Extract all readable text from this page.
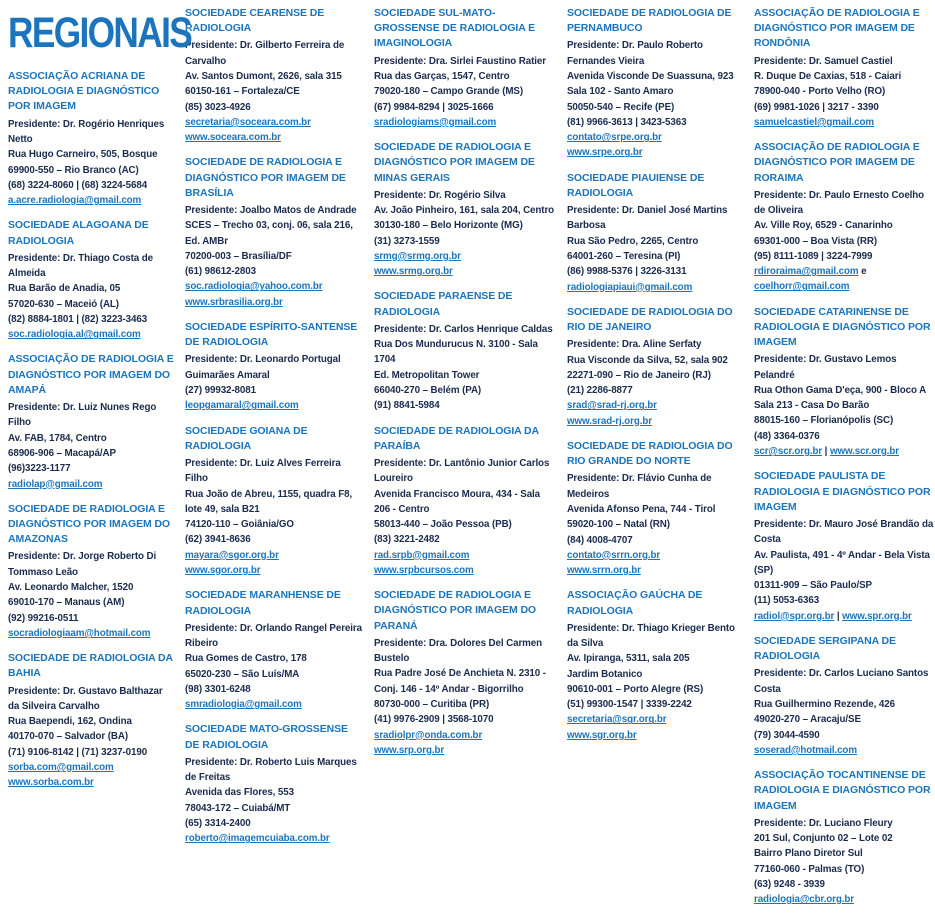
REGIONAIS
ASSOCIAÇÃO ACRIANA DE RADIOLOGIA E DIAGNÓSTICO POR IMAGEM
Presidente: Dr. Rogério Henriques Netto
Rua Hugo Carneiro, 505, Bosque
69900-550 – Rio Branco (AC)
(68) 3224-8060 | (68) 3224-5684
a.acre.radiologia@gmail.com
SOCIEDADE ALAGOANA DE RADIOLOGIA
Presidente: Dr. Thiago Costa de Almeida
Rua Barão de Anadia, 05
57020-630 – Maceió (AL)
(82) 8884-1801 | (82) 3223-3463
soc.radiologia.al@gmail.com
ASSOCIAÇÃO DE RADIOLOGIA E DIAGNÓSTICO POR IMAGEM DO AMAPÁ
Presidente: Dr. Luiz Nunes Rego Filho
Av. FAB, 1784, Centro
68906-906 – Macapá/AP
(96)3223-1177
radiolap@gmail.com
SOCIEDADE DE RADIOLOGIA E DIAGNÓSTICO POR IMAGEM DO AMAZONAS
Presidente: Dr. Jorge Roberto Di Tommaso Leão
Av. Leonardo Malcher, 1520
69010-170 – Manaus (AM)
(92) 99216-0511
socradiologiaam@hotmail.com
SOCIEDADE DE RADIOLOGIA DA BAHIA
Presidente: Dr. Gustavo Balthazar da Silveira Carvalho
Rua Baependi, 162, Ondina
40170-070 – Salvador (BA)
(71) 9106-8142 | (71) 3237-0190
sorba.com@gmail.com
www.sorba.com.br
SOCIEDADE CEARENSE DE RADIOLOGIA
Presidente: Dr. Gilberto Ferreira de Carvalho
Av. Santos Dumont, 2626, sala 315
60150-161 – Fortaleza/CE
(85) 3023-4926
secretaria@soceara.com.br
www.soceara.com.br
SOCIEDADE DE RADIOLOGIA E DIAGNÓSTICO POR IMAGEM DE BRASÍLIA
Presidente: Joalbo Matos de Andrade
SCES – Trecho 03, conj. 06, sala 216, Ed. AMBr
70200-003 – Brasília/DF
(61) 98612-2803
soc.radiologia@yahoo.com.br
www.srbrasilia.org.br
SOCIEDADE ESPÍRITO-SANTENSE DE RADIOLOGIA
Presidente: Dr. Leonardo Portugal Guimarães Amaral
(27) 99932-8081
leopgamaral@gmail.com
SOCIEDADE GOIANA DE RADIOLOGIA
Presidente: Dr. Luiz Alves Ferreira Filho
Rua João de Abreu, 1155, quadra F8, lote 49, sala B21
74120-110 – Goiânia/GO
(62) 3941-8636
mayara@sgor.org.br
www.sgor.org.br
SOCIEDADE MARANHENSE DE RADIOLOGIA
Presidente: Dr. Orlando Rangel Pereira Ribeiro
Rua Gomes de Castro, 178
65020-230 – São Luís/MA
(98) 3301-6248
smradiologia@gmail.com
SOCIEDADE MATO-GROSSENSE DE RADIOLOGIA
Presidente: Dr. Roberto Luis Marques de Freitas
Avenida das Flores, 553
78043-172 – Cuiabá/MT
(65) 3314-2400
roberto@imagemcuiaba.com.br
SOCIEDADE SUL-MATO-GROSSENSE DE RADIOLOGIA E IMAGINOLOGIA
Presidente: Dra. Sirlei Faustino Ratier
Rua das Garças, 1547, Centro
79020-180 – Campo Grande (MS)
(67) 9984-8294 | 3025-1666
sradiologiams@gmail.com
SOCIEDADE DE RADIOLOGIA E DIAGNÓSTICO POR IMAGEM DE MINAS GERAIS
Presidente: Dr. Rogério Silva
Av. João Pinheiro, 161, sala 204, Centro
30130-180 – Belo Horizonte (MG)
(31) 3273-1559
srmg@srmg.org.br
www.srmg.org.br
SOCIEDADE PARAENSE DE RADIOLOGIA
Presidente: Dr. Carlos Henrique Caldas
Rua Dos Mundurucus N. 3100 - Sala 1704
Ed. Metropolitan Tower
66040-270 – Belém (PA)
(91) 8841-5984
SOCIEDADE DE RADIOLOGIA DA PARAÍBA
Presidente: Dr. Lantônio Junior Carlos Loureiro
Avenida Francisco Moura, 434 - Sala 206 - Centro
58013-440 – João Pessoa (PB)
(83) 3221-2482
rad.srpb@gmail.com
www.srpbcursos.com
SOCIEDADE DE RADIOLOGIA E DIAGNÓSTICO POR IMAGEM DO PARANÁ
Presidente: Dra. Dolores Del Carmen Bustelo
Rua Padre José De Anchieta N. 2310 - Conj. 146 - 14º Andar - Bigorrilho
80730-000 – Curitiba (PR)
(41) 9976-2909 | 3568-1070
sradiolpr@onda.com.br
www.srp.org.br
SOCIEDADE DE RADIOLOGIA DE PERNAMBUCO
Presidente: Dr. Paulo Roberto Fernandes Vieira
Avenida Visconde De Suassuna, 923
Sala 102 - Santo Amaro
50050-540 – Recife (PE)
(81) 9966-3613 | 3423-5363
contato@srpe.org.br
www.srpe.org.br
SOCIEDADE PIAUIENSE DE RADIOLOGIA
Presidente: Dr. Daniel José Martins Barbosa
Rua São Pedro, 2265, Centro
64001-260 – Teresina (PI)
(86) 9988-5376 | 3226-3131
radiologiapiaui@gmail.com
SOCIEDADE DE RADIOLOGIA DO RIO DE JANEIRO
Presidente: Dra. Aline Serfaty
Rua Visconde da Silva, 52, sala 902
22271-090 – Rio de Janeiro (RJ)
(21) 2286-8877
srad@srad-rj.org.br
www.srad-rj.org.br
SOCIEDADE DE RADIOLOGIA DO RIO GRANDE DO NORTE
Presidente: Dr. Flávio Cunha de Medeiros
Avenida Afonso Pena, 744 - Tirol
59020-100 – Natal (RN)
(84) 4008-4707
contato@srrn.org.br
www.srrn.org.br
ASSOCIAÇÃO GAÚCHA DE RADIOLOGIA
Presidente: Dr. Thiago Krieger Bento da Silva
Av. Ipiranga, 5311, sala 205
Jardim Botanico
90610-001 – Porto Alegre (RS)
(51) 99300-1547 | 3339-2242
secretaria@sgr.org.br
www.sgr.org.br
ASSOCIAÇÃO DE RADIOLOGIA E DIAGNÓSTICO POR IMAGEM DE RONDÔNIA
Presidente: Dr. Samuel Castiel
R. Duque De Caxias, 518 - Caiari
78900-040 - Porto Velho (RO)
(69) 9981-1026 | 3217 - 3390
samuelcastiel@gmail.com
ASSOCIAÇÃO DE RADIOLOGIA E DIAGNÓSTICO POR IMAGEM DE RORAIMA
Presidente: Dr. Paulo Ernesto Coelho de Oliveira
Av. Ville Roy, 6529 - Canarinho
69301-000 – Boa Vista (RR)
(95) 8111-1089 | 3224-7999
rdiroraima@gmail.com e coelhorr@gmail.com
SOCIEDADE CATARINENSE DE RADIOLOGIA E DIAGNÓSTICO POR IMAGEM
Presidente: Dr. Gustavo Lemos Pelandré
Rua Othon Gama D'eça, 900 - Bloco A
Sala 213 - Casa Do Barão
88015-160 – Florianópolis (SC)
(48) 3364-0376
scr@scr.org.br | www.scr.org.br
SOCIEDADE PAULISTA DE RADIOLOGIA E DIAGNÓSTICO POR IMAGEM
Presidente: Dr. Mauro José Brandão da Costa
Av. Paulista, 491 - 4º Andar - Bela Vista (SP)
01311-909 – São Paulo/SP
(11) 5053-6363
radiol@spr.org.br | www.spr.org.br
SOCIEDADE SERGIPANA DE RADIOLOGIA
Presidente: Dr. Carlos Luciano Santos Costa
Rua Guilhermino Rezende, 426
49020-270 – Aracaju/SE
(79) 3044-4590
soserad@hotmail.com
ASSOCIAÇÃO TOCANTINENSE DE RADIOLOGIA E DIAGNÓSTICO POR IMAGEM
Presidente: Dr. Luciano Fleury
201 Sul, Conjunto 02 – Lote 02
Bairro Plano Diretor Sul
77160-060 - Palmas (TO)
(63) 9248 - 3939
radiologia@cbr.org.br
